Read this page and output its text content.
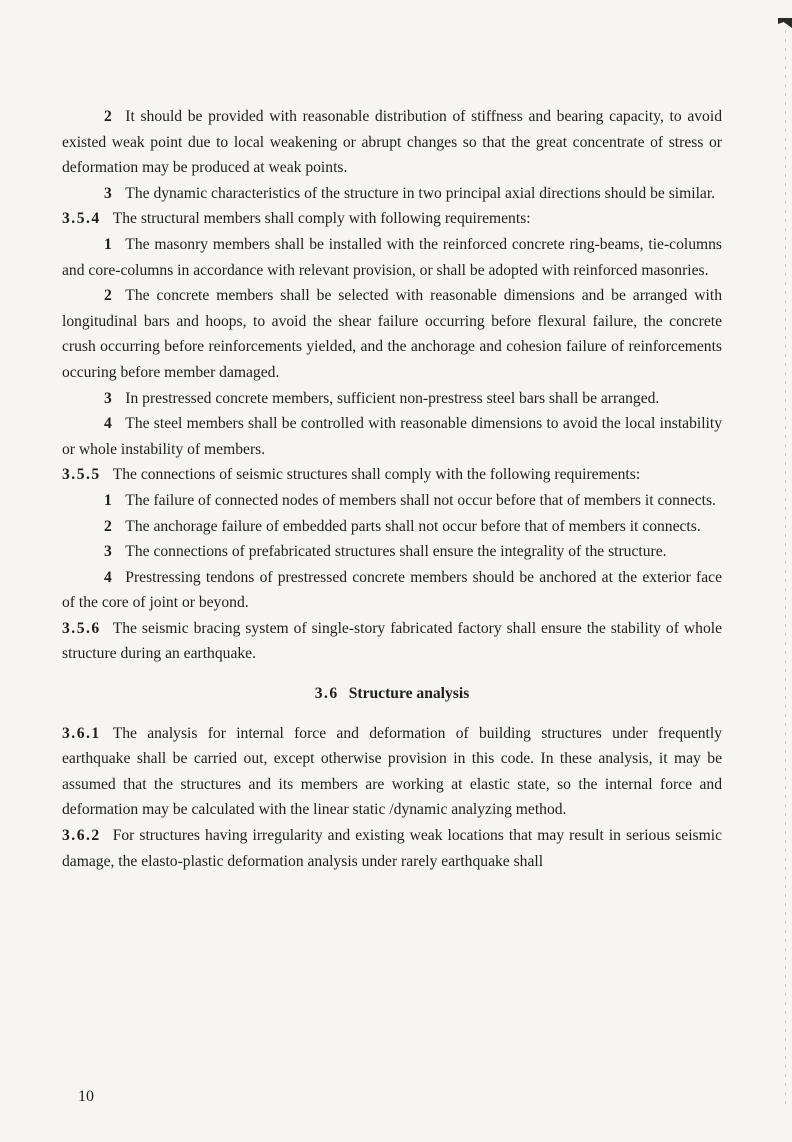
2 It should be provided with reasonable distribution of stiffness and bearing capacity, to avoid existed weak point due to local weakening or abrupt changes so that the great concentrate of stress or deformation may be produced at weak points.

3 The dynamic characteristics of the structure in two principal axial directions should be similar.

3.5.4 The structural members shall comply with following requirements:

1 The masonry members shall be installed with the reinforced concrete ring-beams, tie-columns and core-columns in accordance with relevant provision, or shall be adopted with reinforced masonries.

2 The concrete members shall be selected with reasonable dimensions and be arranged with longitudinal bars and hoops, to avoid the shear failure occurring before flexural failure, the concrete crush occurring before reinforcements yielded, and the anchorage and cohesion failure of reinforcements occuring before member damaged.

3 In prestressed concrete members, sufficient non-prestress steel bars shall be arranged.

4 The steel members shall be controlled with reasonable dimensions to avoid the local instability or whole instability of members.

3.5.5 The connections of seismic structures shall comply with the following requirements:

1 The failure of connected nodes of members shall not occur before that of members it connects.

2 The anchorage failure of embedded parts shall not occur before that of members it connects.

3 The connections of prefabricated structures shall ensure the integrality of the structure.

4 Prestressing tendons of prestressed concrete members should be anchored at the exterior face of the core of joint or beyond.

3.5.6 The seismic bracing system of single-story fabricated factory shall ensure the stability of whole structure during an earthquake.

3.6 Structure analysis

3.6.1 The analysis for internal force and deformation of building structures under frequently earthquake shall be carried out, except otherwise provision in this code. In these analysis, it may be assumed that the structures and its members are working at elastic state, so the internal force and deformation may be calculated with the linear static /dynamic analyzing method.

3.6.2 For structures having irregularity and existing weak locations that may result in serious seismic damage, the elasto-plastic deformation analysis under rarely earthquake shall

10
